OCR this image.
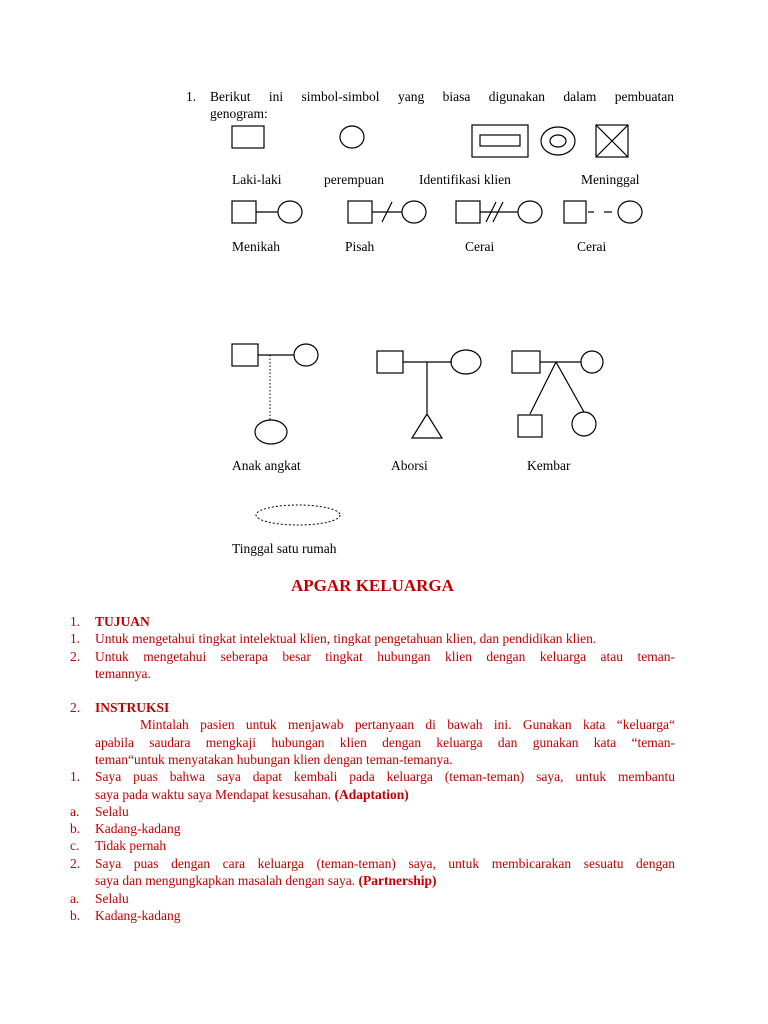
1. Berikut ini simbol-simbol yang biasa digunakan dalam pembuatan
genogram:
Laki-laki	perempuan	Identifikasi klien	Meninggal
Menikah	Pisah	Cerai	Cerai
Anak angkat	Aborsi	Kembar
Tinggal satu rumah
APGAR KELUARGA
1. TUJUAN
1. Untuk mengetahui tingkat intelektual klien, tingkat pengetahuan klien, dan pendidikan klien.
2. Untuk mengetahui seberapa besar tingkat hubungan klien dengan keluarga atau teman-
temannya.
2. INSTRUKSI
Mintalah pasien untuk menjawab pertanyaan di bawah ini. Gunakan kata “keluarga“
apabila saudara mengkaji hubungan klien dengan keluarga dan gunakan kata “teman-
teman“untuk menyatakan hubungan klien dengan teman-temanya.
1. Saya puas bahwa saya dapat kembali pada keluarga (teman-teman) saya, untuk membantu
saya pada waktu saya Mendapat kesusahan. (Adaptation)
a. Selalu
b. Kadang-kadang
c. Tidak pernah
2. Saya puas dengan cara keluarga (teman-teman) saya, untuk membicarakan sesuatu dengan
saya dan mengungkapkan masalah dengan saya. (Partnership)
a. Selalu
b. Kadang-kadang
